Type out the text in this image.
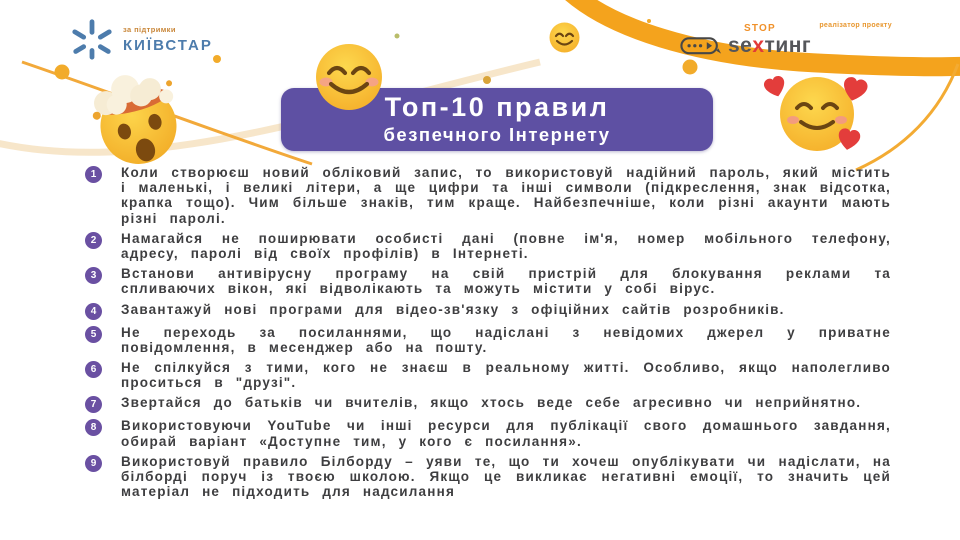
за підтримки
КИЇВСТАР
STOP	реалізатор проекту
se x тинг
Топ-10 правил
безпечного Інтернету
1	Коли створюєш новий обліковий запис, то використовуй надійний пароль, який містить і маленькі, і великі літери, а ще цифри та інші символи (підкреслення, знак відсотка, крапка тощо). Чим більше знаків, тим краще. Найбезпечніше, коли різні акаунти мають різні паролі.

2	Намагайся не поширювати особисті дані (повне ім'я, номер мобільного телефону, адресу, паролі від своїх профілів) в Інтернеті.

3	Встанови антивірусну програму на свій пристрій для блокування реклами та спливаючих вікон, які відволікають та можуть містити у собі вірус.

4	Завантажуй нові програми для відео-зв'язку з офіційних сайтів розробників.

5	Не переходь за посиланнями, що надіслані з невідомих джерел у приватне повідомлення, в месенджер або на пошту.

6	Не спілкуйся з тими, кого не знаєш в реальному житті. Особливо, якщо наполегливо проситься в "друзі".

7	Звертайся до батьків чи вчителів, якщо хтось веде себе агресивно чи неприйнятно.

8	Використовуючи YouTube чи інші ресурси для публікації свого домашнього завдання, обирай варіант «Доступне тим, у кого є посилання».

9	Використовуй правило Білборду – уяви те, що ти хочеш опублікувати чи надіслати, на білборді поруч із твоєю школою. Якщо це викликає негативні емоції, то значить цей матеріал не підходить для надсилання
